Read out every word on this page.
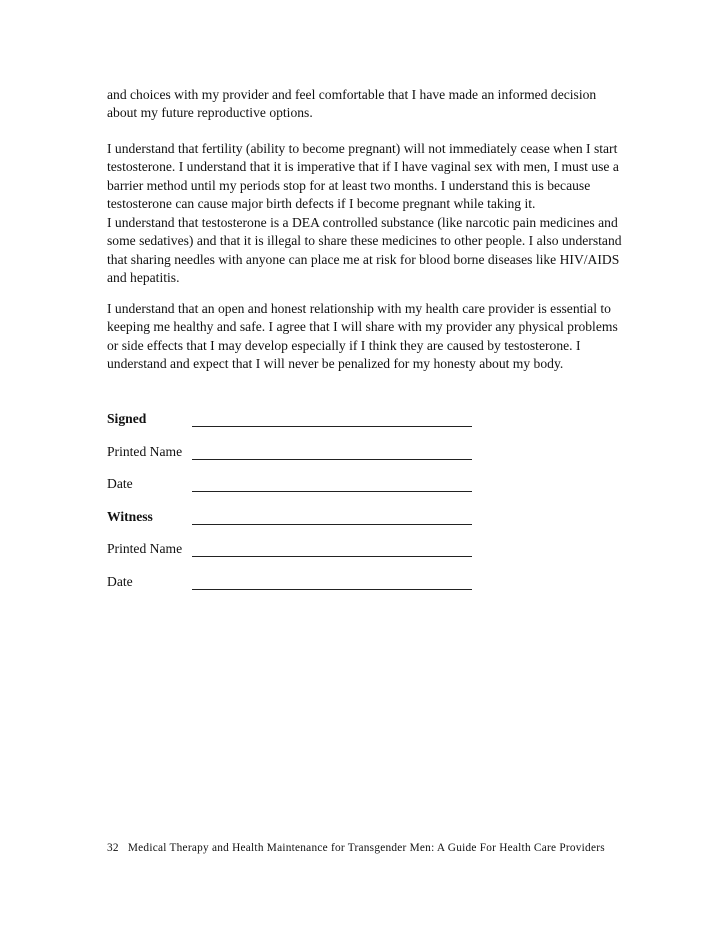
and choices with my provider and feel comfortable that I have made an informed decision about my future reproductive options.

I understand that fertility (ability to become pregnant) will not immediately cease when I start testosterone. I understand that it is imperative that if I have vaginal sex with men, I must use a barrier method until my periods stop for at least two months. I understand this is because testosterone can cause major birth defects if I become pregnant while taking it.

I understand that testosterone is a DEA controlled substance (like narcotic pain medicines and some sedatives) and that it is illegal to share these medicines to other people. I also understand that sharing needles with anyone can place me at risk for blood borne diseases like HIV/AIDS and hepatitis.

I understand that an open and honest relationship with my health care provider is essential to keeping me healthy and safe. I agree that I will share with my provider any physical problems or side effects that I may develop especially if I think they are caused by testosterone. I understand and expect that I will never be penalized for my honesty about my body.

Signed
Printed Name
Date
Witness
Printed Name
Date
32 Medical Therapy and Health Maintenance for Transgender Men: A Guide For Health Care Providers
